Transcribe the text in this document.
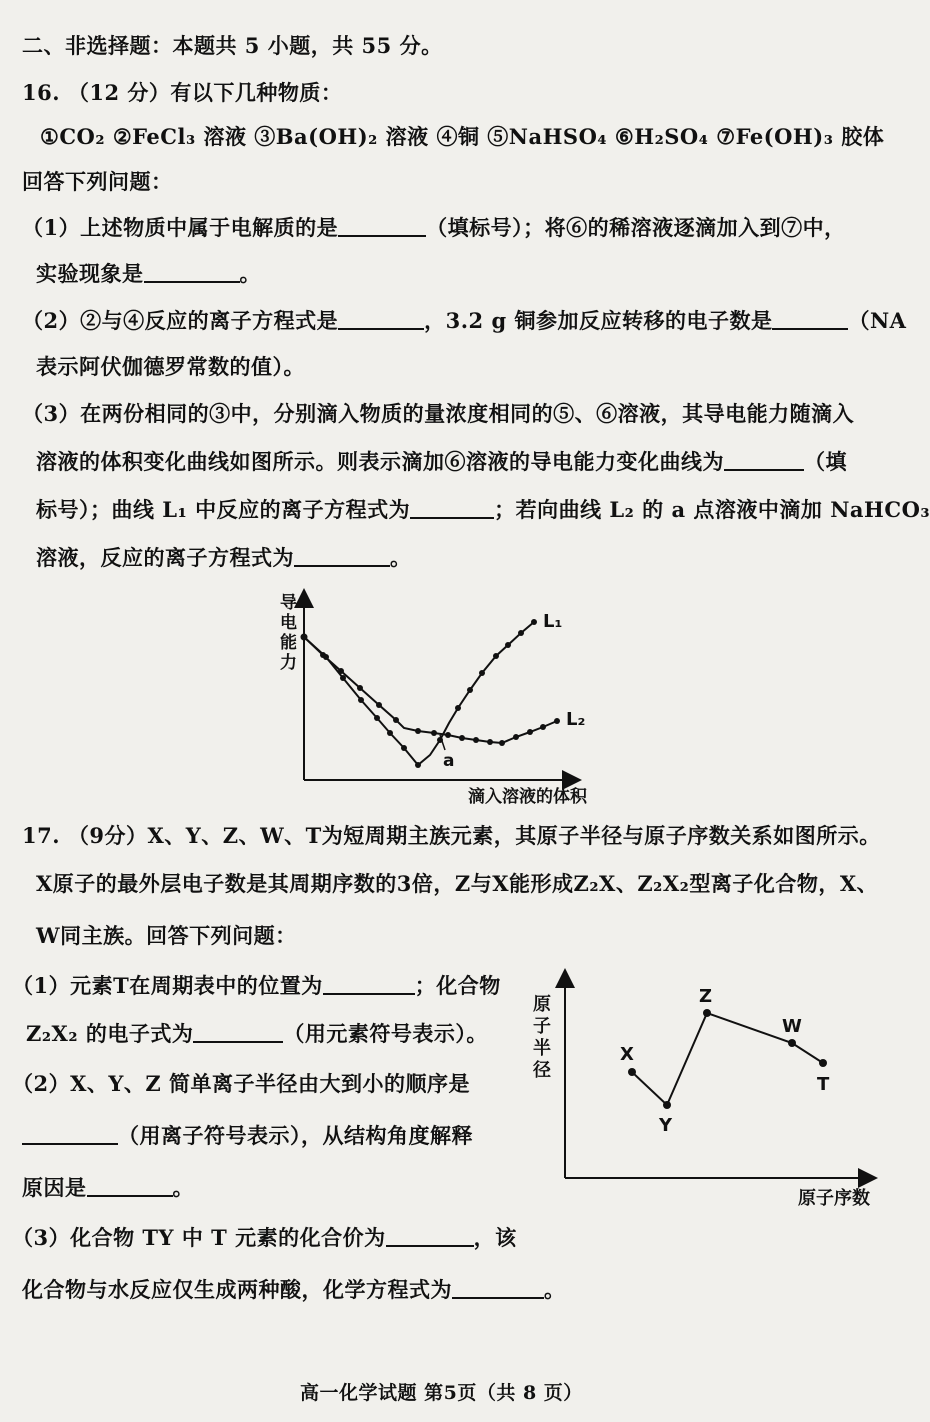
二、非选择题：本题共 5 小题，共 55 分。
16. （12 分）有以下几种物质：
①CO₂ ②FeCl₃ 溶液 ③Ba(OH)₂ 溶液 ④铜 ⑤NaHSO₄ ⑥H₂SO₄ ⑦Fe(OH)₃ 胶体
回答下列问题：
（1）上述物质中属于电解质的是	（填标号）；将⑥的稀溶液逐滴加入到⑦中，
实验现象是	。
（2）②与④反应的离子方程式是	，3.2 g 铜参加反应转移的电子数是	（NA
表示阿伏伽德罗常数的值）。
（3）在两份相同的③中，分别滴入物质的量浓度相同的⑤、⑥溶液，其导电能力随滴入
溶液的体积变化曲线如图所示。则表示滴加⑥溶液的导电能力变化曲线为	（填
标号）；曲线 L₁ 中反应的离子方程式为	；若向曲线 L₂ 的 a 点溶液中滴加 NaHCO₃
溶液，反应的离子方程式为	。
导
电
能
力
滴入溶液的体积
L₁
L₂
a
17. （9分）X、Y、Z、W、T为短周期主族元素，其原子半径与原子序数关系如图所示。
X原子的最外层电子数是其周期序数的3倍，Z与X能形成Z₂X、Z₂X₂型离子化合物，X、
W同主族。回答下列问题：
（1）元素T在周期表中的位置为	；化合物
Z₂X₂ 的电子式为	（用元素符号表示）。
（2）X、Y、Z 简单离子半径由大到小的顺序是
（用离子符号表示），从结构角度解释
原因是	。
（3）化合物 TY 中 T 元素的化合价为	，该
化合物与水反应仅生成两种酸，化学方程式为	。
原
子
半
径
原子序数
X
Y
Z
W
T
高一化学试题 第5页（共 8 页）
